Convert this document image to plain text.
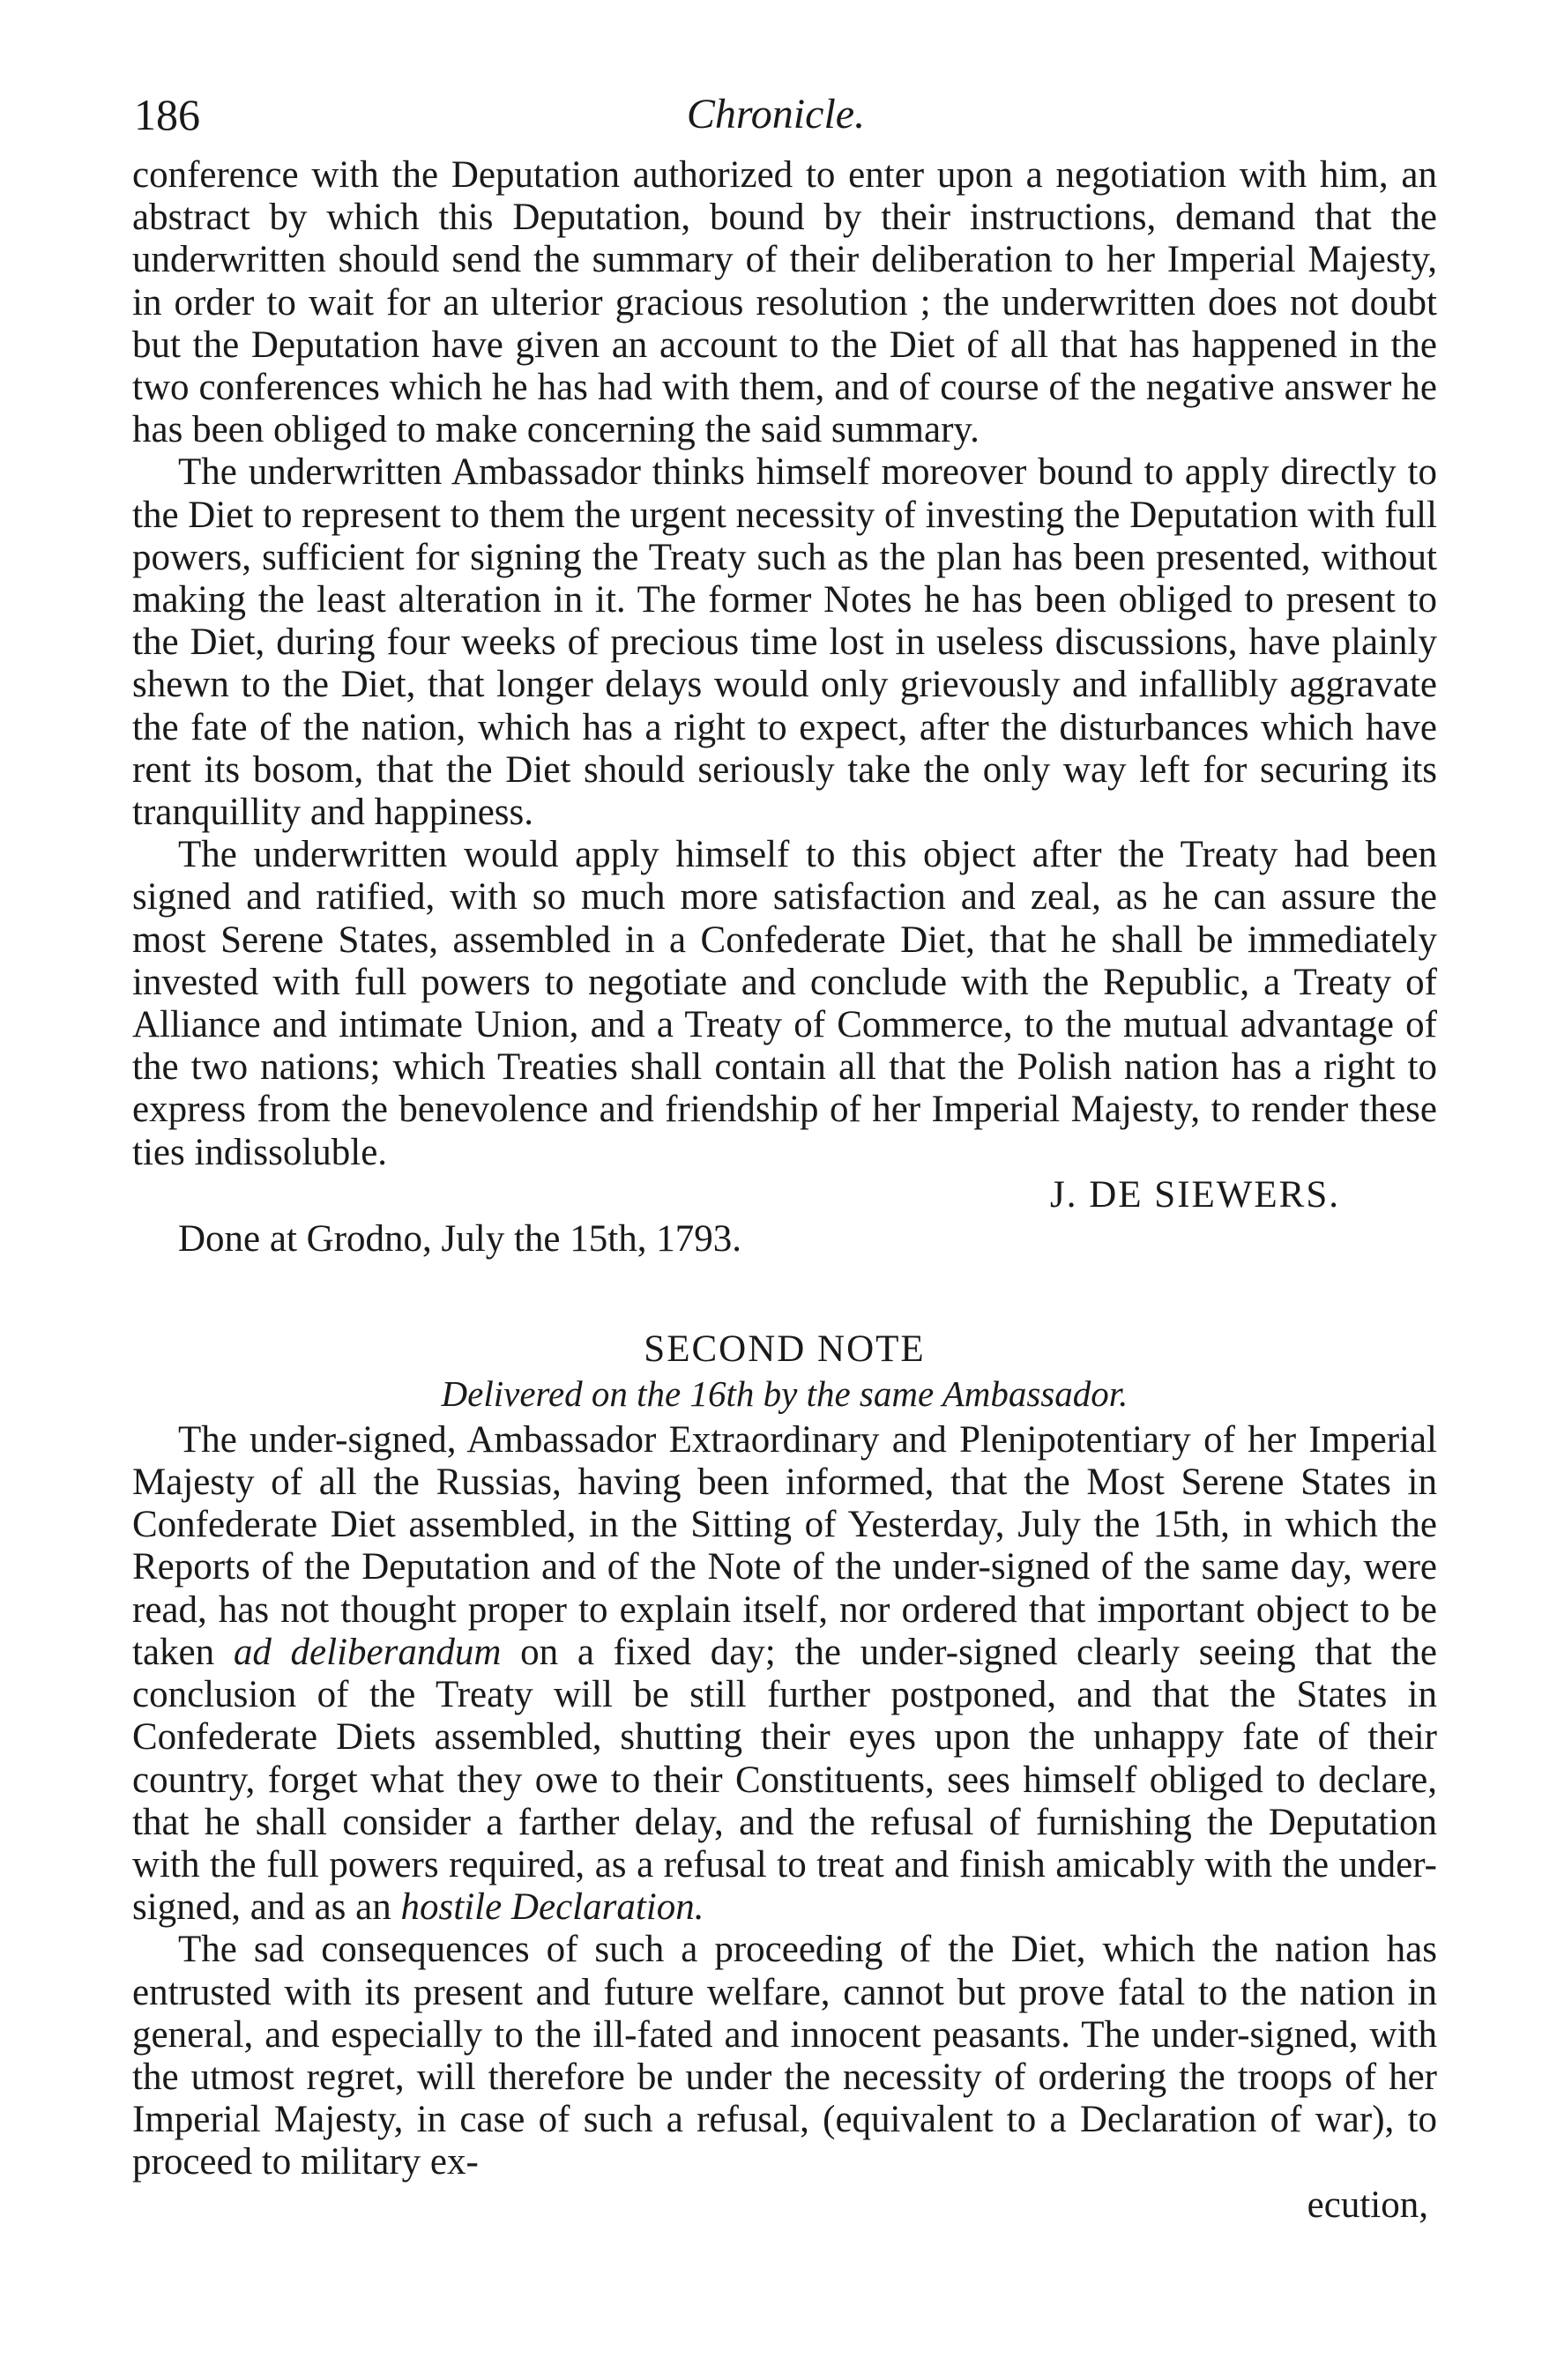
186	Chronicle.

conference with the Deputation authorized to enter upon a negotiation with him, an abstract by which this Deputation, bound by their instructions, demand that the underwritten should send the summary of their deliberation to her Imperial Majesty, in order to wait for an ulterior gracious resolution ; the underwritten does not doubt but the Deputation have given an account to the Diet of all that has happened in the two conferences which he has had with them, and of course of the negative answer he has been obliged to make concerning the said summary.

The underwritten Ambassador thinks himself moreover bound to apply directly to the Diet to represent to them the urgent necessity of investing the Deputation with full powers, sufficient for signing the Treaty such as the plan has been presented, without making the least alteration in it. The former Notes he has been obliged to present to the Diet, during four weeks of precious time lost in useless discussions, have plainly shewn to the Diet, that longer delays would only grievously and infallibly aggravate the fate of the nation, which has a right to expect, after the disturbances which have rent its bosom, that the Diet should seriously take the only way left for securing its tranquillity and happiness.

The underwritten would apply himself to this object after the Treaty had been signed and ratified, with so much more satisfaction and zeal, as he can assure the most Serene States, assembled in a Confederate Diet, that he shall be immediately invested with full powers to negotiate and conclude with the Republic, a Treaty of Alliance and intimate Union, and a Treaty of Commerce, to the mutual advantage of the two nations; which Treaties shall contain all that the Polish nation has a right to express from the benevolence and friendship of her Imperial Majesty, to render these ties indissoluble.

J. DE SIEWERS.

Done at Grodno, July the 15th, 1793.

SECOND NOTE

Delivered on the 16th by the same Ambassador.

The under-signed, Ambassador Extraordinary and Plenipotentiary of her Imperial Majesty of all the Russias, having been informed, that the Most Serene States in Confederate Diet assembled, in the Sitting of Yesterday, July the 15th, in which the Reports of the Deputation and of the Note of the under-signed of the same day, were read, has not thought proper to explain itself, nor ordered that important object to be taken ad deliberandum on a fixed day; the under-signed clearly seeing that the conclusion of the Treaty will be still further postponed, and that the States in Confederate Diets assembled, shutting their eyes upon the unhappy fate of their country, forget what they owe to their Constituents, sees himself obliged to declare, that he shall consider a farther delay, and the refusal of furnishing the Deputation with the full powers required, as a refusal to treat and finish amicably with the under-signed, and as an hostile Declaration.

The sad consequences of such a proceeding of the Diet, which the nation has entrusted with its present and future welfare, cannot but prove fatal to the nation in general, and especially to the ill-fated and innocent peasants. The under-signed, with the utmost regret, will therefore be under the necessity of ordering the troops of her Imperial Majesty, in case of such a refusal, (equivalent to a Declaration of war), to proceed to military ex-

ecution,
